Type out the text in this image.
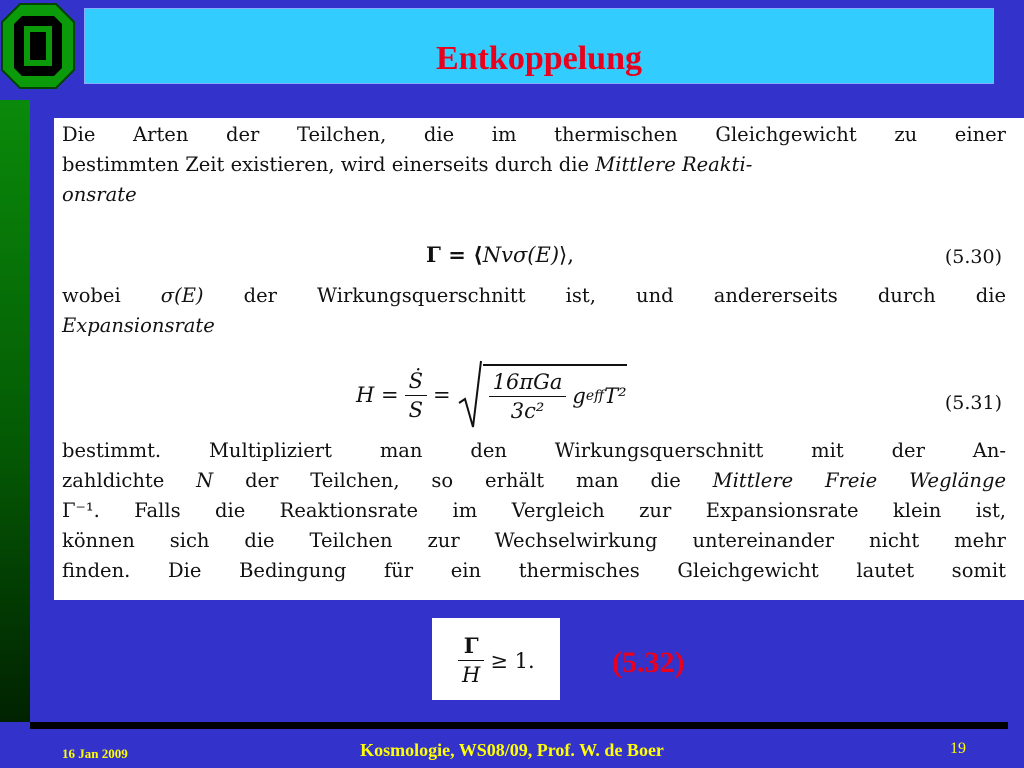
Entkoppelung
Die Arten der Teilchen, die im thermischen Gleichgewicht zu einer
bestimmten Zeit existieren, wird einerseits durch die Mittlere Reakti-
onsrate
Γ = ⟨Nvσ(E)⟩,	(5.30)
wobei σ(E) der Wirkungsquerschnitt ist, und andererseits durch die
Expansionsrate
$H = \frac{\text{Ṡ}}{S} = \frac{\text{16πGa}}{\text{3c²}}$ g eff T²	(5.31)
bestimmt. Multipliziert man den Wirkungsquerschnitt mit der An-
zahldichte N der Teilchen, so erhält man die Mittlere Freie Weglänge
Γ⁻¹. Falls die Reaktionsrate im Vergleich zur Expansionsrate klein ist,
können sich die Teilchen zur Wechselwirkung untereinander nicht mehr
finden. Die Bedingung für ein thermisches Gleichgewicht lautet somit
$\frac{\Gamma}{H} \ge 1$.	(5.32)
16 Jan 2009	Kosmologie, WS08/09, Prof. W. de Boer	19
